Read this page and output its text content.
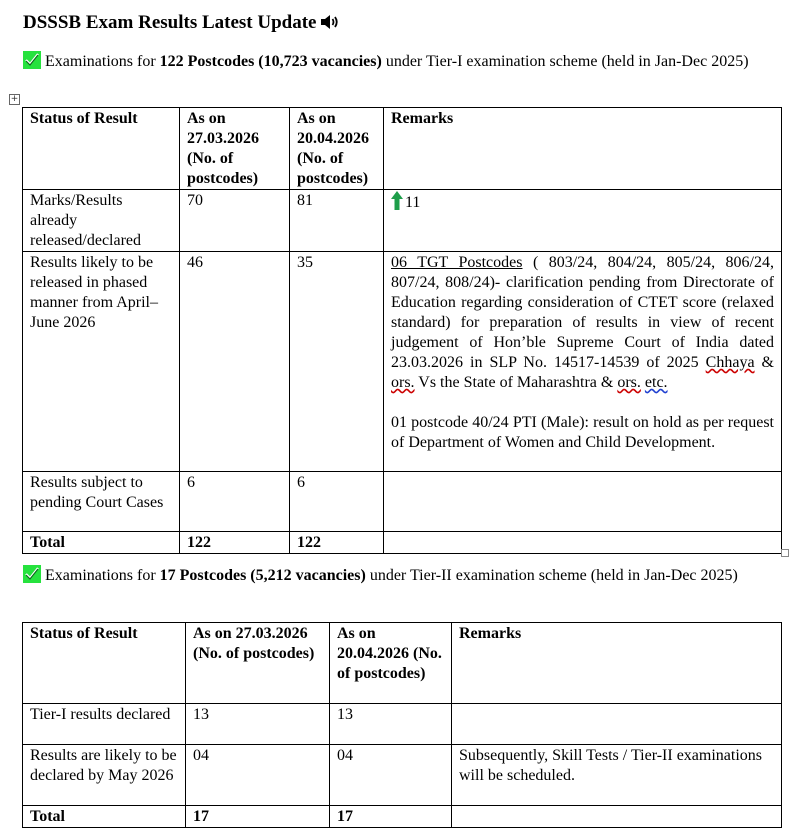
DSSSB Exam Results Latest Update
Examinations for 122 Postcodes (10,723 vacancies) under Tier-I examination scheme (held in Jan-Dec 2025)
+
Status of Result	As on 27.03.2026 (No. of postcodes)	As on 20.04.2026 (No. of postcodes)	Remarks
Marks/Results already released/declared	70	81	11
Results likely to be released in phased manner from April–June 2026	46	35	06 TGT Postcodes ( 803/24, 804/24, 805/24, 806/24, 807/24, 808/24)- clarification pending from Directorate of Education regarding consideration of CTET score (relaxed standard) for preparation of results in view of recent judgement of Hon’ble Supreme Court of India dated 23.03.2026 in SLP No. 14517-14539 of 2025 Chhaya & ors. Vs the State of Maharashtra & ors. etc.
01 postcode 40/24 PTI (Male): result on hold as per request of Department of Women and Child Development.

Results subject to pending Court Cases	6	6	
Total	122	122	
Examinations for 17 Postcodes (5,212 vacancies) under Tier-II examination scheme (held in Jan-Dec 2025)
Status of Result	As on 27.03.2026 (No. of postcodes)	As on 20.04.2026 (No. of postcodes)	Remarks
Tier-I results declared	13	13	
Results are likely to be declared by May 2026	04	04	Subsequently, Skill Tests / Tier-II examinations will be scheduled.
Total	17	17	
